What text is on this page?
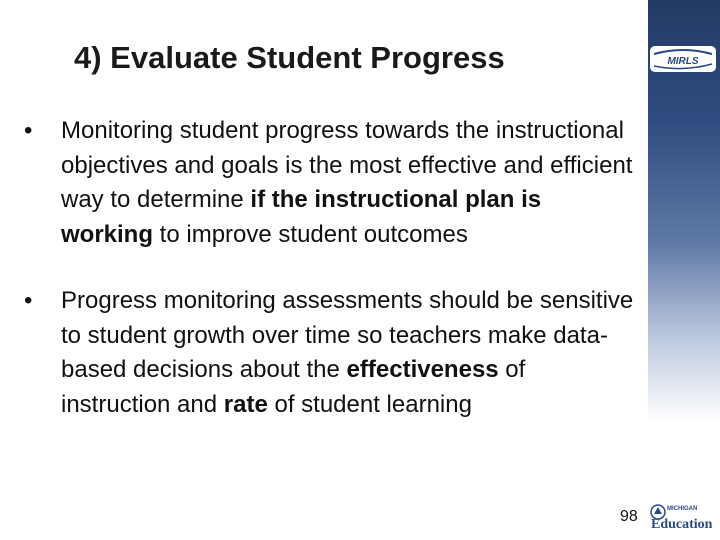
MIRLS
4) Evaluate Student Progress
•	Monitoring student progress towards the instructional objectives and goals is the most effective and efficient way to determine if the instructional plan is working to improve student outcomes
•	Progress monitoring assessments should be sensitive to student growth over time so teachers make data-based decisions about the effectiveness of instruction and rate of student learning
98	MICHIGAN
Education
